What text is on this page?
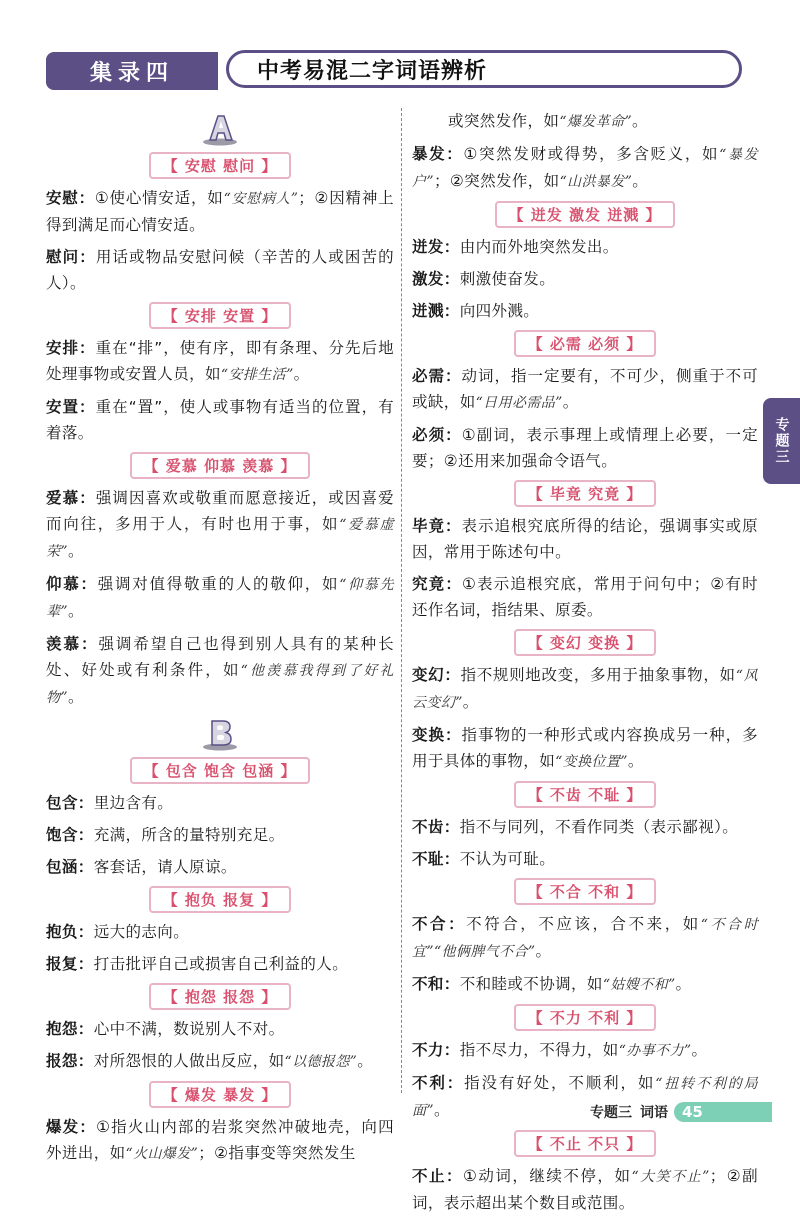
集录四	中考易混二字词语辨析
A
【 安慰 慰问 】
安慰：①使心情安适，如“安慰病人”；②因精神上得到满足而心情安适。
慰问：用话或物品安慰问候（辛苦的人或困苦的人）。
【 安排 安置 】
安排：重在“排”，使有序，即有条理、分先后地处理事物或安置人员，如“安排生活”。
安置：重在“置”，使人或事物有适当的位置，有着落。
【 爱慕 仰慕 羡慕 】
爱慕：强调因喜欢或敬重而愿意接近，或因喜爱而向往，多用于人，有时也用于事，如“爱慕虚荣”。
仰慕：强调对值得敬重的人的敬仰，如“仰慕先辈”。
羡慕：强调希望自己也得到别人具有的某种长处、好处或有利条件，如“他羡慕我得到了好礼物”。
【 包含 饱含 包涵 】
包含：里边含有。
饱含：充满，所含的量特别充足。
包涵：客套话，请人原谅。
【 抱负 报复 】
抱负：远大的志向。
报复：打击批评自己或损害自己利益的人。
【 抱怨 报怨 】
抱怨：心中不满，数说别人不对。
报怨：对所怨恨的人做出反应，如“以德报怨”。
【 爆发 暴发 】
爆发：①指火山内部的岩浆突然冲破地壳，向四外迸出，如“火山爆发”；②指事变等突然发生
或突然发作，如“爆发革命”。
暴发：①突然发财或得势，多含贬义，如“暴发户”；②突然发作，如“山洪暴发”。
【 迸发 激发 迸溅 】
迸发：由内而外地突然发出。
激发：刺激使奋发。
迸溅：向四外溅。
【 必需 必须 】
必需：动词，指一定要有，不可少，侧重于不可或缺，如“日用必需品”。
必须：①副词，表示事理上或情理上必要，一定要；②还用来加强命令语气。
【 毕竟 究竟 】
毕竟：表示追根究底所得的结论，强调事实或原因，常用于陈述句中。
究竟：①表示追根究底，常用于问句中；②有时还作名词，指结果、原委。
【 变幻 变换 】
变幻：指不规则地改变，多用于抽象事物，如“风云变幻”。
变换：指事物的一种形式或内容换成另一种，多用于具体的事物，如“变换位置”。
【 不齿 不耻 】
不齿：指不与同列，不看作同类（表示鄙视）。
不耻：不认为可耻。
【 不合 不和 】
不合：不符合，不应该，合不来，如“不合时宜”“他俩脾气不合”。
不和：不和睦或不协调，如“姑嫂不和”。
【 不力 不利 】
不力：指不尽力，不得力，如“办事不力”。
不利：指没有好处，不顺利，如“扭转不利的局面”。
【 不止 不只 】
不止：①动词，继续不停，如“大笑不止”；②副词，表示超出某个数目或范围。
专题三
专题三 词语 45
